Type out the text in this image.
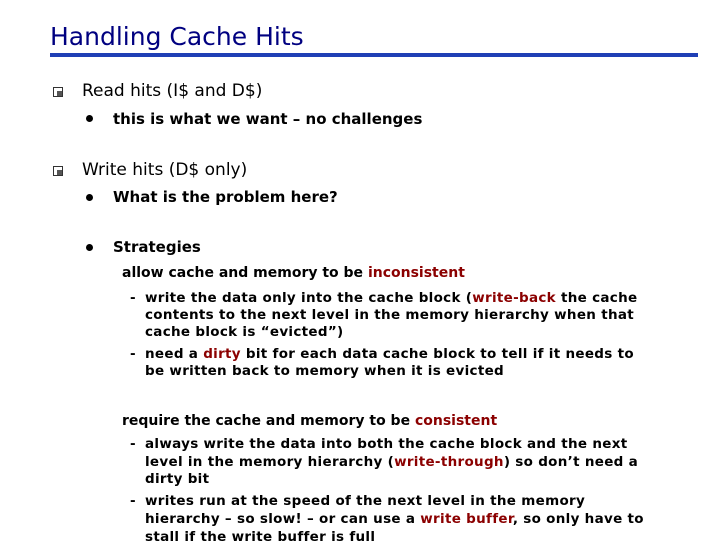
Handling Cache Hits
Read hits (I$ and D$)
this is what we want – no challenges
Write hits (D$ only)
What is the problem here?
Strategies
allow cache and memory to be inconsistent
- write the data only into the cache block (write-back the cache
contents to the next level in the memory hierarchy when that
cache block is “evicted”)
- need a dirty bit for each data cache block to tell if it needs to
be written back to memory when it is evicted
require the cache and memory to be consistent
- always write the data into both the cache block and the next
level in the memory hierarchy (write-through) so don’t need a
dirty bit
- writes run at the speed of the next level in the memory
hierarchy – so slow! – or can use a write buffer, so only have to
stall if the write buffer is full
